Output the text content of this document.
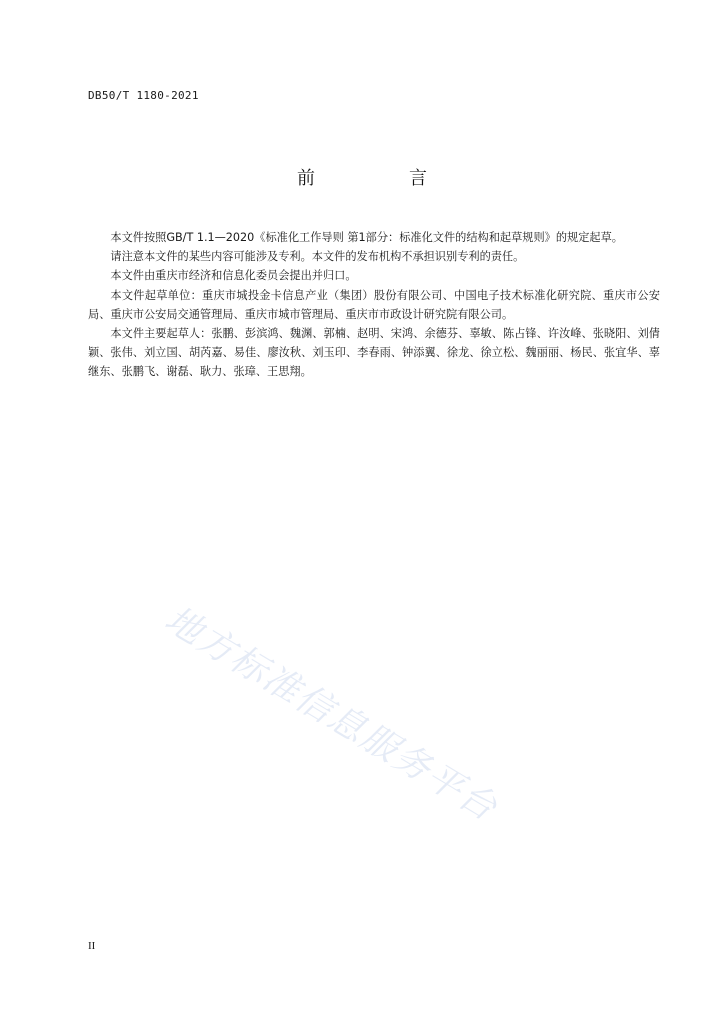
DB50/T 1180-2021
前　言

本文件按照GB/T 1.1—2020《标准化工作导则 第1部分：标准化文件的结构和起草规则》的规定起草。

请注意本文件的某些内容可能涉及专利。本文件的发布机构不承担识别专利的责任。

本文件由重庆市经济和信息化委员会提出并归口。

本文件起草单位：重庆市城投金卡信息产业（集团）股份有限公司、中国电子技术标准化研究院、重庆市公安局、重庆市公安局交通管理局、重庆市城市管理局、重庆市市政设计研究院有限公司。

本文件主要起草人：张鹏、彭滨鸿、魏渊、郭楠、赵明、宋鸿、余德芬、辜敏、陈占锋、许汝峰、张晓阳、刘倩颖、张伟、刘立国、胡芮嘉、易佳、廖汝秋、刘玉印、李春雨、钟添翼、徐龙、徐立松、魏丽丽、杨民、张宜华、辜继东、张鹏飞、谢磊、耿力、张璋、王思翔。

地方标准信息服务平台
II
